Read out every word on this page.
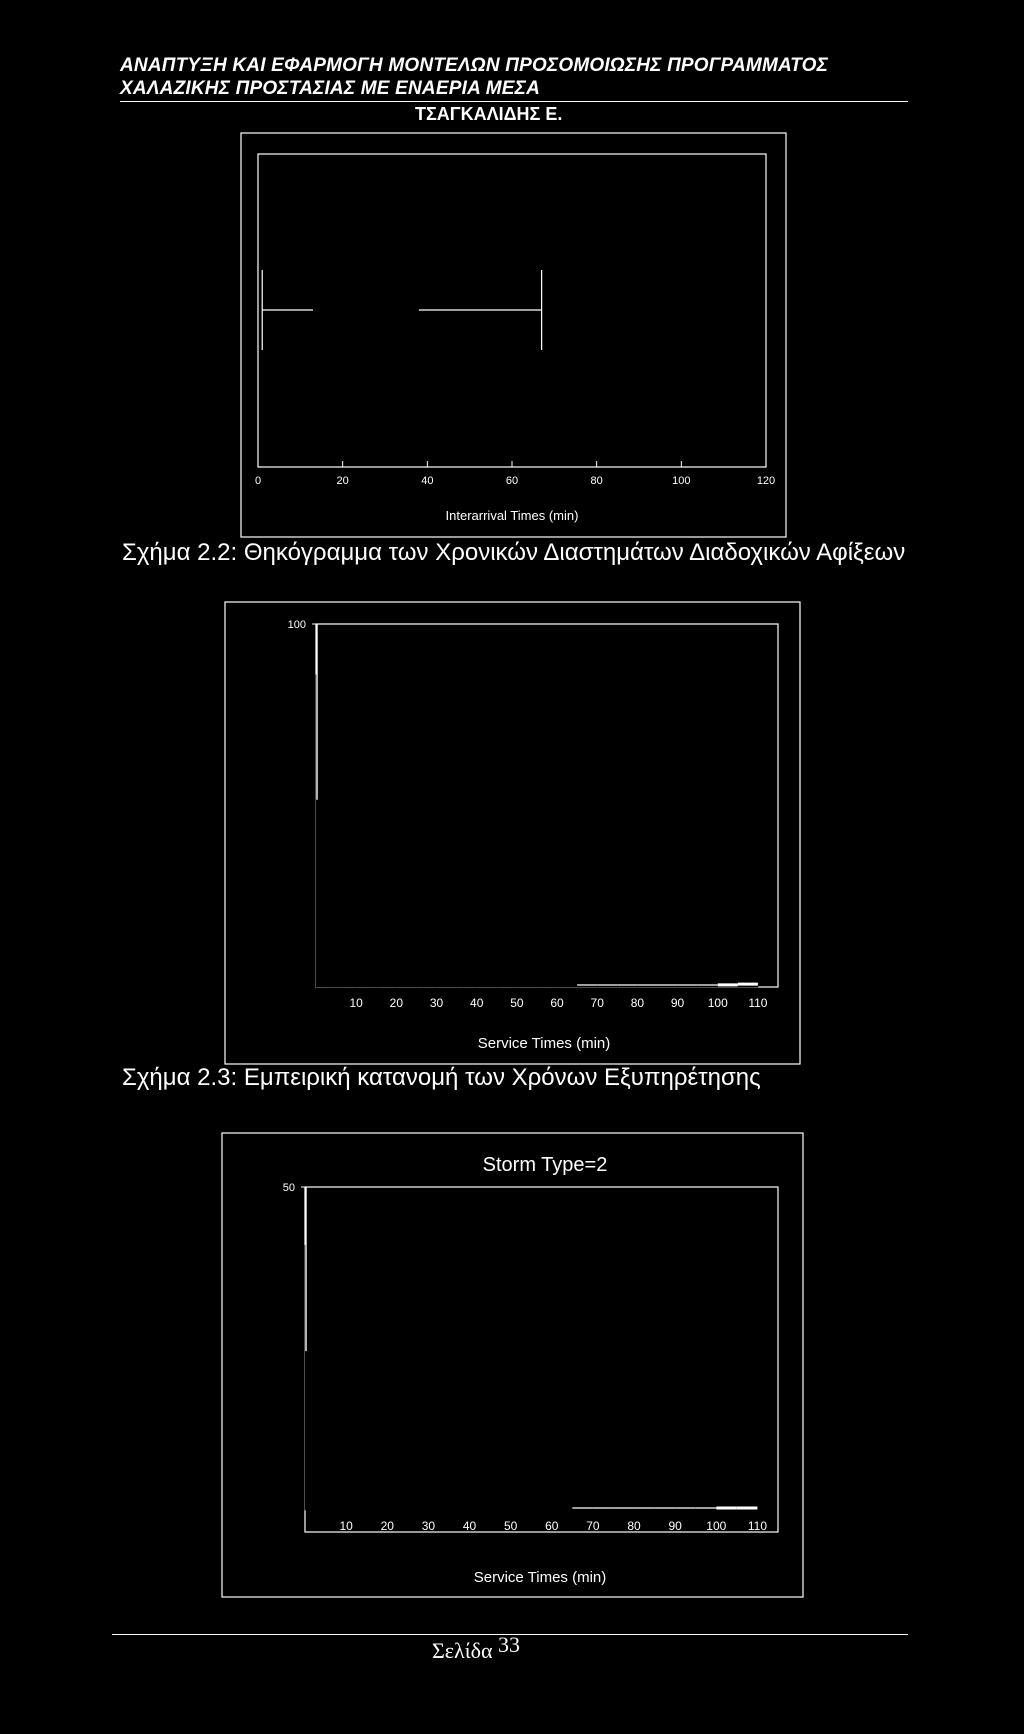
ΑΝΑΠΤΥΞΗ ΚΑΙ ΕΦΑΡΜΟΓΗ ΜΟΝΤΕΛΩΝ ΠΡΟΣΟΜΟΙΩΣΗΣ ΠΡΟΓΡΑΜΜΑΤΟΣ ΧΑΛΑΖΙΚΗΣ ΠΡΟΣΤΑΣΙΑΣ ΜΕ ΕΝΑΕΡΙΑ ΜΕΣΑ
ΤΣΑΓΚΑΛΙΔΗΣ Ε.
0	20	40	60	80	100	120
Interarrival Times (min)
Σχήμα 2.2: Θηκόγραμμα των Χρονικών Διαστημάτων Διαδοχικών Αφίξεων
100
10 20 30 40 50 60 70 80 90 100 110
Service Times (min)
Σχήμα 2.3: Εμπειρική κατανομή των Χρόνων Εξυπηρέτησης
Storm Type=2
50
10 20 30 40 50 60 70 80 90 100 110
Service Times (min)
Σελίδα 33
